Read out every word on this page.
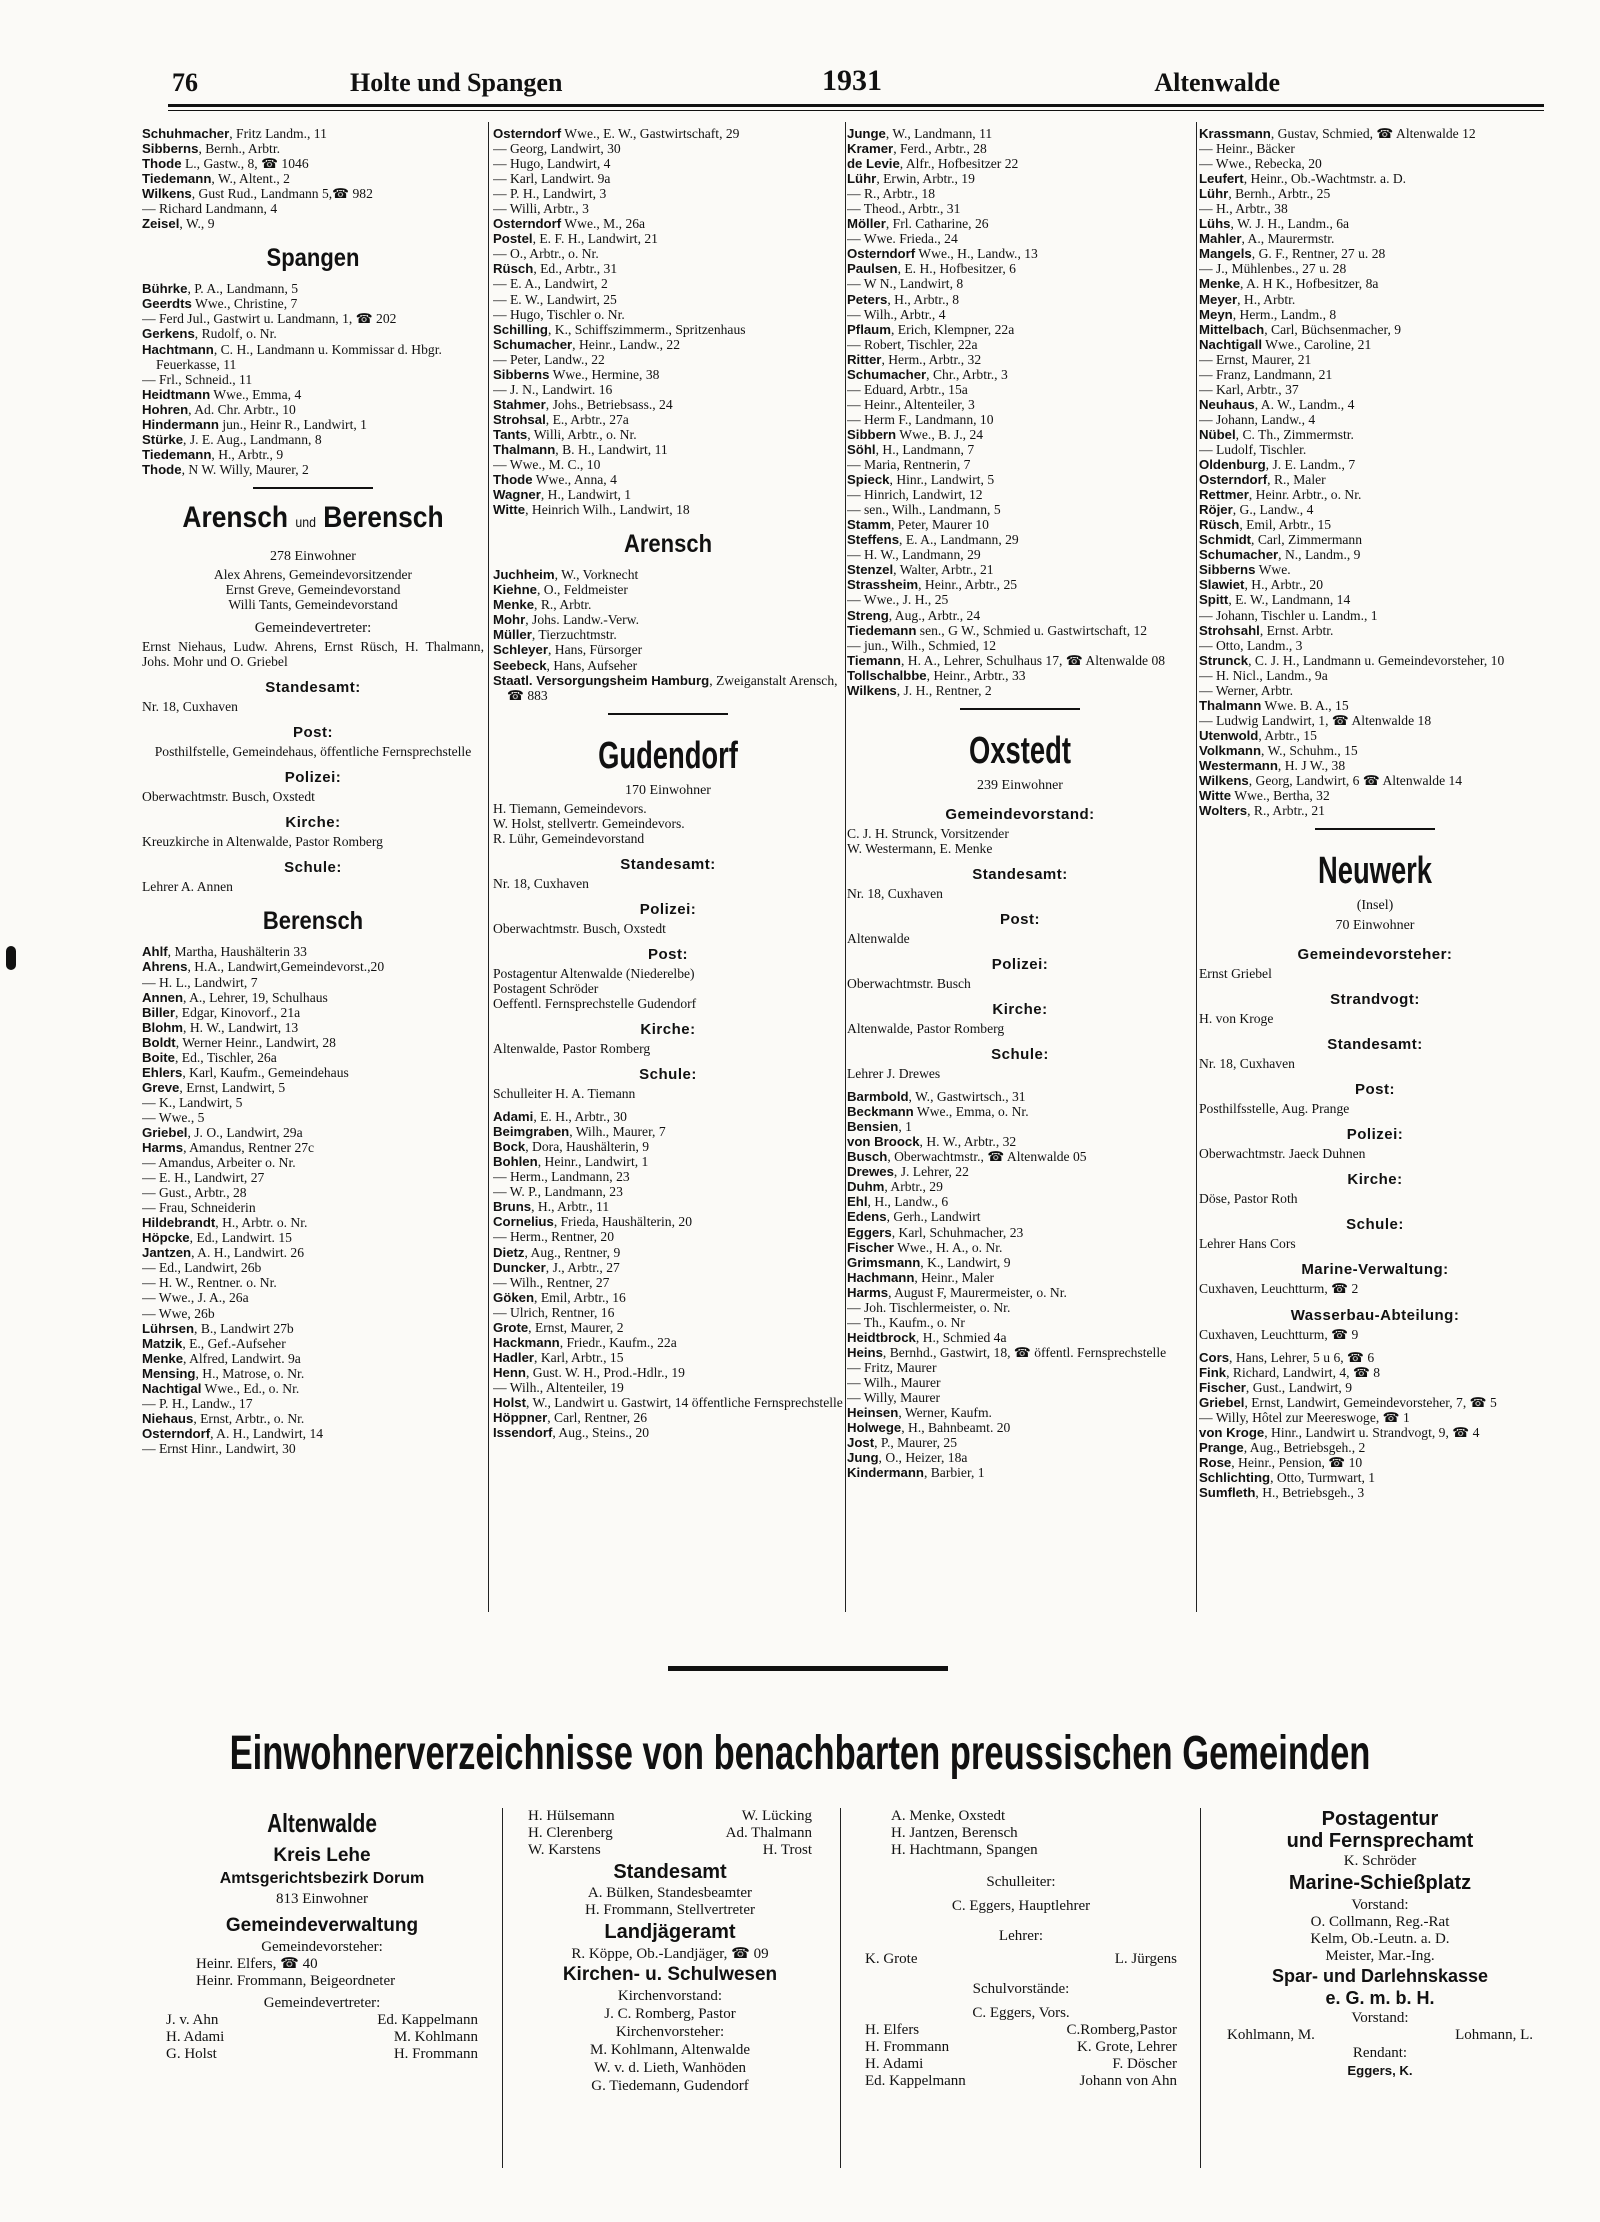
76	Holte und Spangen	1931	Altenwalde
Schuhmacher, Fritz Landm., 11
Sibberns, Bernh., Arbtr.
Thode L., Gastw., 8, ☎ 1046
Tiedemann, W., Altent., 2
Wilkens, Gust Rud., Landmann 5,☎ 982
— Richard Landmann, 4
Zeisel, W., 9
Spangen
Bührke, P. A., Landmann, 5
Geerdts Wwe., Christine, 7
— Ferd Jul., Gastwirt u. Landmann, 1, ☎ 202
Gerkens, Rudolf, o. Nr.
Hachtmann, C. H., Landmann u. Kommissar d. Hbgr. Feuerkasse, 11
— Frl., Schneid., 11
Heidtmann Wwe., Emma, 4
Hohren, Ad. Chr. Arbtr., 10
Hindermann jun., Heinr R., Landwirt, 1
Stürke, J. E. Aug., Landmann, 8
Tiedemann, H., Arbtr., 9
Thode, N W. Willy, Maurer, 2
Arensch und Berensch
278 Einwohner
Alex Ahrens, Gemeindevorsitzender
Ernst Greve, Gemeindevorstand
Willi Tants, Gemeindevorstand
Gemeindevertreter:
Ernst Niehaus, Ludw. Ahrens, Ernst Rüsch, H. Thalmann, Johs. Mohr und O. Griebel
Standesamt:
Nr. 18, Cuxhaven
Post:
Posthilfstelle, Gemeindehaus, öffentliche Fernsprechstelle
Polizei:
Oberwachtmstr. Busch, Oxstedt
Kirche:
Kreuzkirche in Altenwalde, Pastor Romberg
Schule:
Lehrer A. Annen
Berensch
Ahlf, Martha, Haushälterin 33
Ahrens, H.A., Landwirt,Gemeindevorst.,20
— H. L., Landwirt, 7
Annen, A., Lehrer, 19, Schulhaus
Biller, Edgar, Kinovorf., 21a
Blohm, H. W., Landwirt, 13
Boldt, Werner Heinr., Landwirt, 28
Boite, Ed., Tischler, 26a
Ehlers, Karl, Kaufm., Gemeindehaus
Greve, Ernst, Landwirt, 5
— K., Landwirt, 5
— Wwe., 5
Griebel, J. O., Landwirt, 29a
Harms, Amandus, Rentner 27c
— Amandus, Arbeiter o. Nr.
— E. H., Landwirt, 27
— Gust., Arbtr., 28
— Frau, Schneiderin
Hildebrandt, H., Arbtr. o. Nr.
Höpcke, Ed., Landwirt. 15
Jantzen, A. H., Landwirt. 26
— Ed., Landwirt, 26b
— H. W., Rentner. o. Nr.
— Wwe., J. A., 26a
— Wwe, 26b
Lührsen, B., Landwirt 27b
Matzik, E., Gef.-Aufseher
Menke, Alfred, Landwirt. 9a
Mensing, H., Matrose, o. Nr.
Nachtigal Wwe., Ed., o. Nr.
— P. H., Landw., 17
Niehaus, Ernst, Arbtr., o. Nr.
Osterndorf, A. H., Landwirt, 14
— Ernst Hinr., Landwirt, 30
Osterndorf Wwe., E. W., Gastwirtschaft, 29
— Georg, Landwirt, 30
— Hugo, Landwirt, 4
— Karl, Landwirt. 9a
— P. H., Landwirt, 3
— Willi, Arbtr., 3
Osterndorf Wwe., M., 26a
Postel, E. F. H., Landwirt, 21
— O., Arbtr., o. Nr.
Rüsch, Ed., Arbtr., 31
— E. A., Landwirt, 2
— E. W., Landwirt, 25
— Hugo, Tischler o. Nr.
Schilling, K., Schiffszimmerm., Spritzenhaus
Schumacher, Heinr., Landw., 22
— Peter, Landw., 22
Sibberns Wwe., Hermine, 38
— J. N., Landwirt. 16
Stahmer, Johs., Betriebsass., 24
Strohsal, E., Arbtr., 27a
Tants, Willi, Arbtr., o. Nr.
Thalmann, B. H., Landwirt, 11
— Wwe., M. C., 10
Thode Wwe., Anna, 4
Wagner, H., Landwirt, 1
Witte, Heinrich Wilh., Landwirt, 18
Arensch
Juchheim, W., Vorknecht
Kiehne, O., Feldmeister
Menke, R., Arbtr.
Mohr, Johs. Landw.-Verw.
Müller, Tierzuchtmstr.
Schleyer, Hans, Fürsorger
Seebeck, Hans, Aufseher
Staatl. Versorgungsheim Hamburg, Zweiganstalt Arensch, ☎ 883
Gudendorf
170 Einwohner
H. Tiemann, Gemeindevors.
W. Holst, stellvertr. Gemeindevors.
R. Lühr, Gemeindevorstand
Standesamt:
Nr. 18, Cuxhaven
Polizei:
Oberwachtmstr. Busch, Oxstedt
Post:
Postagentur Altenwalde (Niederelbe)
Postagent Schröder
Oeffentl. Fernsprechstelle Gudendorf
Kirche:
Altenwalde, Pastor Romberg
Schule:
Schulleiter H. A. Tiemann
Adami, E. H., Arbtr., 30
Beimgraben, Wilh., Maurer, 7
Bock, Dora, Haushälterin, 9
Bohlen, Heinr., Landwirt, 1
— Herm., Landmann, 23
— W. P., Landmann, 23
Bruns, H., Arbtr., 11
Cornelius, Frieda, Haushälterin, 20
— Herm., Rentner, 20
Dietz, Aug., Rentner, 9
Duncker, J., Arbtr., 27
— Wilh., Rentner, 27
Göken, Emil, Arbtr., 16
— Ulrich, Rentner, 16
Grote, Ernst, Maurer, 2
Hackmann, Friedr., Kaufm., 22a
Hadler, Karl, Arbtr., 15
Henn, Gust. W. H., Prod.-Hdlr., 19
— Wilh., Altenteiler, 19
Holst, W., Landwirt u. Gastwirt, 14 öffentliche Fernsprechstelle
Höppner, Carl, Rentner, 26
Issendorf, Aug., Steins., 20
Junge, W., Landmann, 11
Kramer, Ferd., Arbtr., 28
de Levie, Alfr., Hofbesitzer 22
Lühr, Erwin, Arbtr., 19
— R., Arbtr., 18
— Theod., Arbtr., 31
Möller, Frl. Catharine, 26
— Wwe. Frieda., 24
Osterndorf Wwe., H., Landw., 13
Paulsen, E. H., Hofbesitzer, 6
— W N., Landwirt, 8
Peters, H., Arbtr., 8
— Wilh., Arbtr., 4
Pflaum, Erich, Klempner, 22a
— Robert, Tischler, 22a
Ritter, Herm., Arbtr., 32
Schumacher, Chr., Arbtr., 3
— Eduard, Arbtr., 15a
— Heinr., Altenteiler, 3
— Herm F., Landmann, 10
Sibbern Wwe., B. J., 24
Söhl, H., Landmann, 7
— Maria, Rentnerin, 7
Spieck, Hinr., Landwirt, 5
— Hinrich, Landwirt, 12
— sen., Wilh., Landmann, 5
Stamm, Peter, Maurer 10
Steffens, E. A., Landmann, 29
— H. W., Landmann, 29
Stenzel, Walter, Arbtr., 21
Strassheim, Heinr., Arbtr., 25
— Wwe., J. H., 25
Streng, Aug., Arbtr., 24
Tiedemann sen., G W., Schmied u. Gastwirtschaft, 12
— jun., Wilh., Schmied, 12
Tiemann, H. A., Lehrer, Schulhaus 17, ☎ Altenwalde 08
Tollschalbbe, Heinr., Arbtr., 33
Wilkens, J. H., Rentner, 2
Oxstedt
239 Einwohner
Gemeindevorstand:
C. J. H. Strunck, Vorsitzender
W. Westermann, E. Menke
Standesamt:
Nr. 18, Cuxhaven
Post:
Altenwalde
Polizei:
Oberwachtmstr. Busch
Kirche:
Altenwalde, Pastor Romberg
Schule:
Lehrer J. Drewes
Barmbold, W., Gastwirtsch., 31
Beckmann Wwe., Emma, o. Nr.
Bensien, 1
von Broock, H. W., Arbtr., 32
Busch, Oberwachtmstr., ☎ Altenwalde 05
Drewes, J. Lehrer, 22
Duhm, Arbtr., 29
Ehl, H., Landw., 6
Edens, Gerh., Landwirt
Eggers, Karl, Schuhmacher, 23
Fischer Wwe., H. A., o. Nr.
Grimsmann, K., Landwirt, 9
Hachmann, Heinr., Maler
Harms, August F, Maurermeister, o. Nr.
— Joh. Tischlermeister, o. Nr.
— Th., Kaufm., o. Nr
Heidtbrock, H., Schmied 4a
Heins, Bernhd., Gastwirt, 18, ☎ öffentl. Fernsprechstelle
— Fritz, Maurer
— Wilh., Maurer
— Willy, Maurer
Heinsen, Werner, Kaufm.
Holwege, H., Bahnbeamt. 20
Jost, P., Maurer, 25
Jung, O., Heizer, 18a
Kindermann, Barbier, 1
Krassmann, Gustav, Schmied, ☎ Altenwalde 12
— Heinr., Bäcker
— Wwe., Rebecka, 20
Leufert, Heinr., Ob.-Wachtmstr. a. D.
Lühr, Bernh., Arbtr., 25
— H., Arbtr., 38
Lühs, W. J. H., Landm., 6a
Mahler, A., Maurermstr.
Mangels, G. F., Rentner, 27 u. 28
— J., Mühlenbes., 27 u. 28
Menke, A. H K., Hofbesitzer, 8a
Meyer, H., Arbtr.
Meyn, Herm., Landm., 8
Mittelbach, Carl, Büchsenmacher, 9
Nachtigall Wwe., Caroline, 21
— Ernst, Maurer, 21
— Franz, Landmann, 21
— Karl, Arbtr., 37
Neuhaus, A. W., Landm., 4
— Johann, Landw., 4
Nübel, C. Th., Zimmermstr.
— Ludolf, Tischler.
Oldenburg, J. E. Landm., 7
Osterndorf, R., Maler
Rettmer, Heinr. Arbtr., o. Nr.
Röjer, G., Landw., 4
Rüsch, Emil, Arbtr., 15
Schmidt, Carl, Zimmermann
Schumacher, N., Landm., 9
Sibberns Wwe.
Slawiet, H., Arbtr., 20
Spitt, E. W., Landmann, 14
— Johann, Tischler u. Landm., 1
Strohsahl, Ernst. Arbtr.
— Otto, Landm., 3
Strunck, C. J. H., Landmann u. Gemeindevorsteher, 10
— H. Nicl., Landm., 9a
— Werner, Arbtr.
Thalmann Wwe. B. A., 15
— Ludwig Landwirt, 1, ☎ Altenwalde 18
Utenwold, Arbtr., 15
Volkmann, W., Schuhm., 15
Westermann, H. J W., 38
Wilkens, Georg, Landwirt, 6 ☎ Altenwalde 14
Witte Wwe., Bertha, 32
Wolters, R., Arbtr., 21
Neuwerk
(Insel)
70 Einwohner
Gemeindevorsteher:
Ernst Griebel
Strandvogt:
H. von Kroge
Standesamt:
Nr. 18, Cuxhaven
Post:
Posthilfsstelle, Aug. Prange
Polizei:
Oberwachtmstr. Jaeck Duhnen
Kirche:
Döse, Pastor Roth
Schule:
Lehrer Hans Cors
Marine-Verwaltung:
Cuxhaven, Leuchtturm, ☎ 2
Wasserbau-Abteilung:
Cuxhaven, Leuchtturm, ☎ 9
Cors, Hans, Lehrer, 5 u 6, ☎ 6
Fink, Richard, Landwirt, 4, ☎ 8
Fischer, Gust., Landwirt, 9
Griebel, Ernst, Landwirt, Gemeindevorsteher, 7, ☎ 5
— Willy, Hôtel zur Meereswoge, ☎ 1
von Kroge, Hinr., Landwirt u. Strandvogt, 9, ☎ 4
Prange, Aug., Betriebsgeh., 2
Rose, Heinr., Pension, ☎ 10
Schlichting, Otto, Turmwart, 1
Sumfleth, H., Betriebsgeh., 3
Einwohnerverzeichnisse von benachbarten preussischen Gemeinden
Altenwalde
Kreis Lehe
Amtsgerichtsbezirk Dorum
813 Einwohner
Gemeindeverwaltung
Gemeindevorsteher:
Heinr. Elfers, ☎ 40
Heinr. Frommann, Beigeordneter
Gemeindevertreter:
J. v. Ahn	Ed. Kappelmann
H. Adami	M. Kohlmann
G. Holst	H. Frommann
H. Hülsemann	W. Lücking
H. Clerenberg	Ad. Thalmann
W. Karstens	H. Trost
Standesamt
A. Bülken, Standesbeamter
H. Frommann, Stellvertreter
Landjägeramt
R. Köppe, Ob.-Landjäger, ☎ 09
Kirchen- u. Schulwesen
Kirchenvorstand:
J. C. Romberg, Pastor
Kirchenvorsteher:
M. Kohlmann, Altenwalde
W. v. d. Lieth, Wanhöden
G. Tiedemann, Gudendorf
A. Menke, Oxstedt
H. Jantzen, Berensch
H. Hachtmann, Spangen
Schulleiter:
C. Eggers, Hauptlehrer
Lehrer:
K. Grote	L. Jürgens
Schulvorstände:
C. Eggers, Vors.
H. Elfers	C.Romberg,Pastor
H. Frommann	K. Grote, Lehrer
H. Adami	F. Döscher
Ed. Kappelmann	Johann von Ahn
Postagentur
und Fernsprechamt
K. Schröder
Marine-Schießplatz
Vorstand:
O. Collmann, Reg.-Rat
Kelm, Ob.-Leutn. a. D.
Meister, Mar.-Ing.
Spar- und Darlehnskasse
e. G. m. b. H.
Vorstand:
Kohlmann, M.	Lohmann, L.
Rendant:
Eggers, K.
